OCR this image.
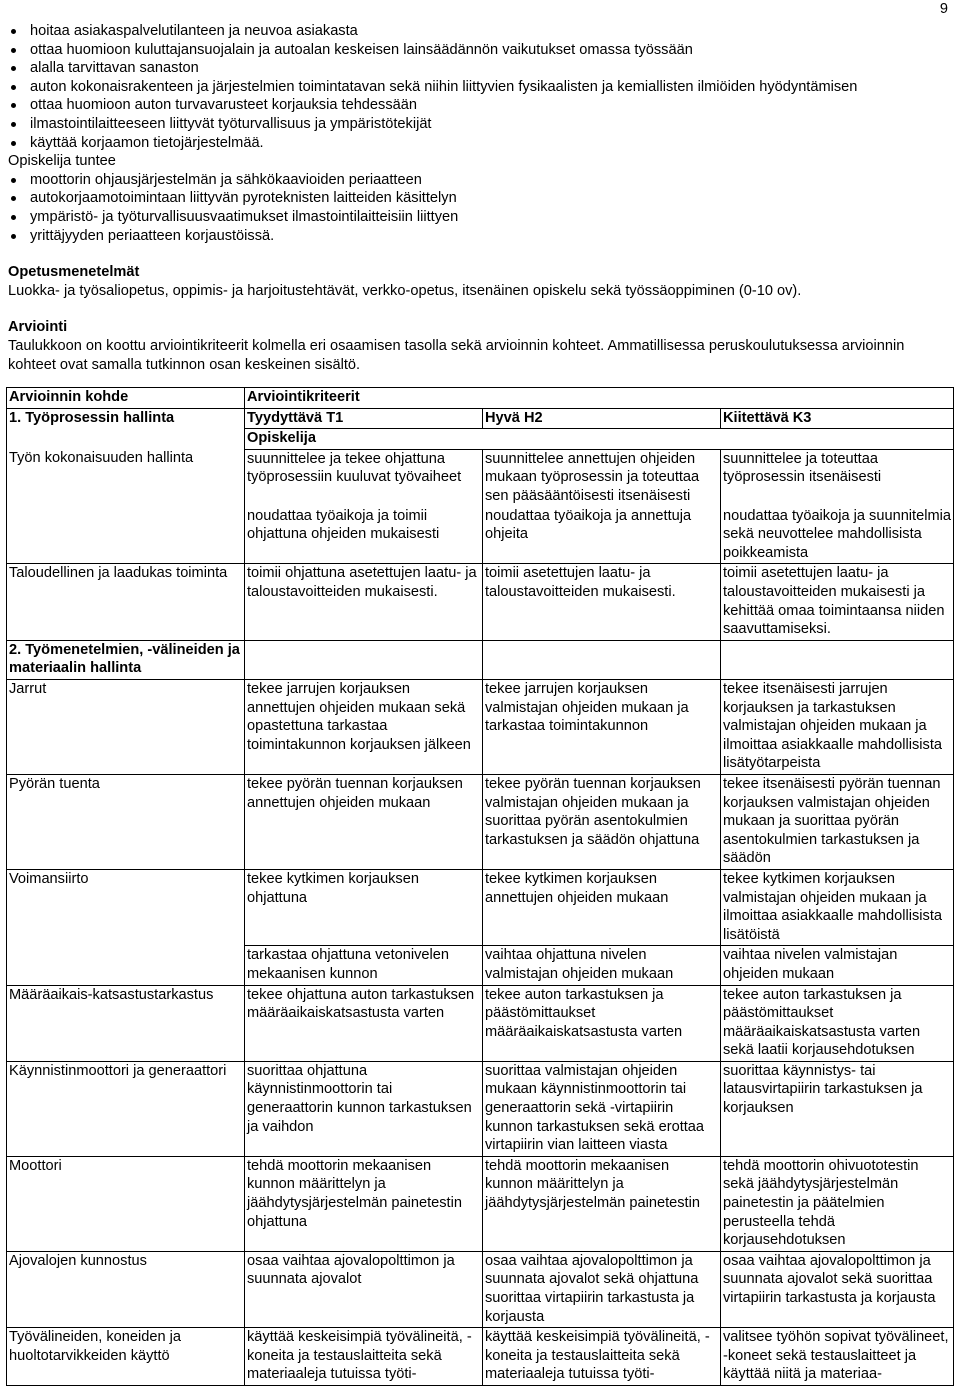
9
hoitaa asiakaspalvelutilanteen ja neuvoa asiakasta
ottaa huomioon kuluttajansuojalain ja autoalan keskeisen lainsäädännön vaikutukset omassa työssään
alalla tarvittavan sanaston
auton kokonaisrakenteen ja järjestelmien toimintatavan sekä niihin liittyvien fysikaalisten ja kemiallisten ilmiöiden hyödyntämisen
ottaa huomioon auton turvavarusteet korjauksia tehdessään
ilmastointilaitteeseen liittyvät työturvallisuus ja ympäristötekijät
käyttää korjaamon tietojärjestelmää.
Opiskelija tuntee
moottorin ohjausjärjestelmän ja sähkökaavioiden periaatteen
autokorjaamotoimintaan liittyvän pyroteknisten laitteiden käsittelyn
ympäristö- ja työturvallisuusvaatimukset ilmastointilaitteisiin liittyen
yrittäjyyden periaatteen korjaustöissä.
Opetusmenetelmät

Luokka- ja työsaliopetus, oppimis- ja harjoitustehtävät, verkko-opetus, itsenäinen opiskelu sekä työssäoppiminen (0-10 ov).

Arviointi

Taulukkoon on koottu arviointikriteerit kolmella eri osaamisen tasolla sekä arvioinnin kohteet. Ammatillisessa peruskoulutuksessa arvioinnin kohteet ovat samalla tutkinnon osan keskeinen sisältö.

Arvioinnin kohde	Arviointikriteerit		
1. Työprosessin hallinta	Tyydyttävä T1	Hyvä H2	Kiitettävä K3
	Opiskelija		
Työn kokonaisuuden hallinta	suunnittelee ja tekee ohjattuna työprosessiin kuuluvat työvaiheet	suunnittelee annettujen ohjeiden mukaan työprosessin ja toteuttaa sen pääsääntöisesti itsenäisesti	suunnittelee ja toteuttaa työprosessin itsenäisesti
	noudattaa työaikoja ja toimii ohjattuna ohjeiden mukaisesti	noudattaa työaikoja ja annettuja ohjeita	noudattaa työaikoja ja suunnitelmia sekä neuvottelee mahdollisista poikkeamista
Taloudellinen ja laadukas toiminta	toimii ohjattuna asetettujen laatu- ja taloustavoitteiden mukaisesti.	toimii asetettujen laatu- ja taloustavoitteiden mukaisesti.	toimii asetettujen laatu- ja taloustavoitteiden mukaisesti ja kehittää omaa toimintaansa niiden saavuttamiseksi.
2. Työmenetelmien, -välineiden ja materiaalin hallinta			
Jarrut	tekee jarrujen korjauksen annettujen ohjeiden mukaan sekä opastettuna tarkastaa toimintakunnon korjauksen jälkeen	tekee jarrujen korjauksen valmistajan ohjeiden mukaan ja tarkastaa toimintakunnon	tekee itsenäisesti jarrujen korjauksen ja tarkastuksen valmistajan ohjeiden mukaan ja ilmoittaa asiakkaalle mahdollisista lisätyötarpeista
Pyörän tuenta	tekee pyörän tuennan korjauksen annettujen ohjeiden mukaan	tekee pyörän tuennan korjauksen valmistajan ohjeiden mukaan ja suorittaa pyörän asentokulmien tarkastuksen ja säädön ohjattuna	tekee itsenäisesti pyörän tuennan korjauksen valmistajan ohjeiden mukaan ja suorittaa pyörän asentokulmien tarkastuksen ja säädön
Voimansiirto	tekee kytkimen korjauksen ohjattuna	tekee kytkimen korjauksen annettujen ohjeiden mukaan	tekee kytkimen korjauksen valmistajan ohjeiden mukaan ja ilmoittaa asiakkaalle mahdollisista lisätöistä
	tarkastaa ohjattuna vetonivelen mekaanisen kunnon	vaihtaa ohjattuna nivelen valmistajan ohjeiden mukaan	vaihtaa nivelen valmistajan ohjeiden mukaan
Määräaikais-katsastustarkastus	tekee ohjattuna auton tarkastuksen määräaikaiskatsastusta varten	tekee auton tarkastuksen ja päästömittaukset määräaikaiskatsastusta varten	tekee auton tarkastuksen ja päästömittaukset määräaikaiskatsastusta varten sekä laatii korjausehdotuksen
Käynnistinmoottori ja generaattori	suorittaa ohjattuna käynnistinmoottorin tai generaattorin kunnon tarkastuksen ja vaihdon	suorittaa valmistajan ohjeiden mukaan käynnistinmoottorin tai generaattorin sekä -virtapiirin kunnon tarkastuksen sekä erottaa virtapiirin vian laitteen viasta	suorittaa käynnistys- tai latausvirtapiirin tarkastuksen ja korjauksen
Moottori	tehdä moottorin mekaanisen kunnon määrittelyn ja jäähdytysjärjestelmän painetestin ohjattuna	tehdä moottorin mekaanisen kunnon määrittelyn ja jäähdytysjärjestelmän painetestin	tehdä moottorin ohivuototestin sekä jäähdytysjärjestelmän painetestin ja päätelmien perusteella tehdä korjausehdotuksen
Ajovalojen kunnostus	osaa vaihtaa ajovalopolttimon ja suunnata ajovalot	osaa vaihtaa ajovalopolttimon ja suunnata ajovalot sekä ohjattuna suorittaa virtapiirin tarkastusta ja korjausta	osaa vaihtaa ajovalopolttimon ja suunnata ajovalot sekä suorittaa virtapiirin tarkastusta ja korjausta
Työvälineiden, koneiden ja huoltotarvikkeiden käyttö	käyttää keskeisimpiä työvälineitä, -koneita ja testauslaitteita sekä materiaaleja tutuissa työti-	käyttää keskeisimpiä työvälineitä, -koneita ja testauslaitteita sekä materiaaleja tutuissa työti-	valitsee työhön sopivat työvälineet, -koneet sekä testauslaitteet ja käyttää niitä ja materiaa-
